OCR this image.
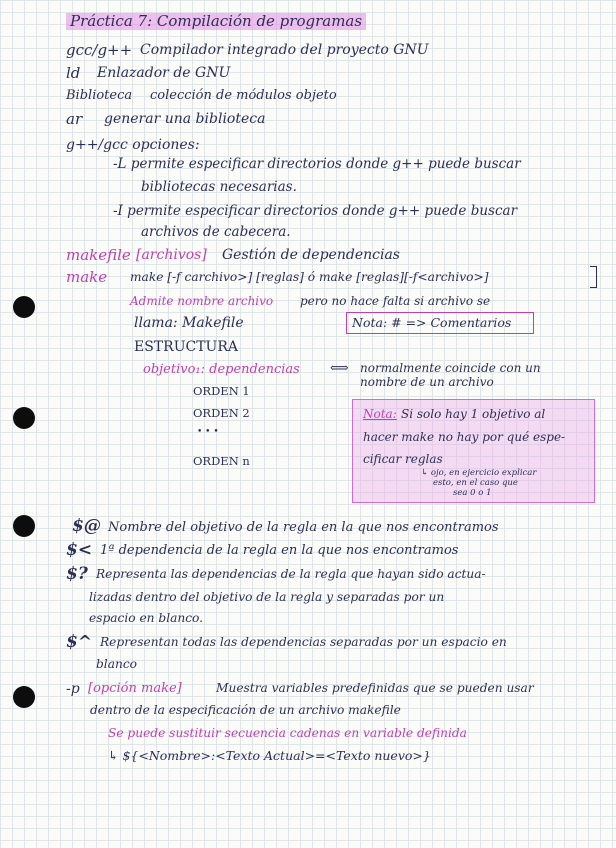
Práctica 7: Compilación de programas
gcc/g++ Compilador integrado del proyecto GNU
ld Enlazador de GNU
Biblioteca colección de módulos objeto
ar generar una biblioteca
g++/gcc opciones:
-L permite especificar directorios donde g++ puede buscar
bibliotecas necesarias.
-I permite especificar directorios donde g++ puede buscar
archivos de cabecera.
makefile [archivos] Gestión de dependencias
make make [-f carchivo>] [reglas] ó make [reglas][-f<archivo>]
Admite nombre archivo pero no hace falta si archivo se
llama: Makefile	Nota: # => Comentarios
ESTRUCTURA
objetivo₁: dependencias ⟺ normalmente coincide con un
nombre de un archivo
ORDEN 1
ORDEN 2
• • •
ORDEN n
Nota: Si solo hay 1 objetivo al
hacer make no hay por qué espe-
cificar reglas
↳ ojo, en ejercicio explicar
esto, en el caso que
sea 0 o 1
$@ Nombre del objetivo de la regla en la que nos encontramos
$< 1ª dependencia de la regla en la que nos encontramos
$? Representa las dependencias de la regla que hayan sido actua-
lizadas dentro del objetivo de la regla y separadas por un
espacio en blanco.
$^ Representan todas las dependencias separadas por un espacio en
blanco
-p [opción make]	Muestra variables predefinidas que se pueden usar
dentro de la especificación de un archivo makefile
Se puede sustituir secuencia cadenas en variable definida
↳ ${<Nombre>:<Texto Actual>=<Texto nuevo>}
